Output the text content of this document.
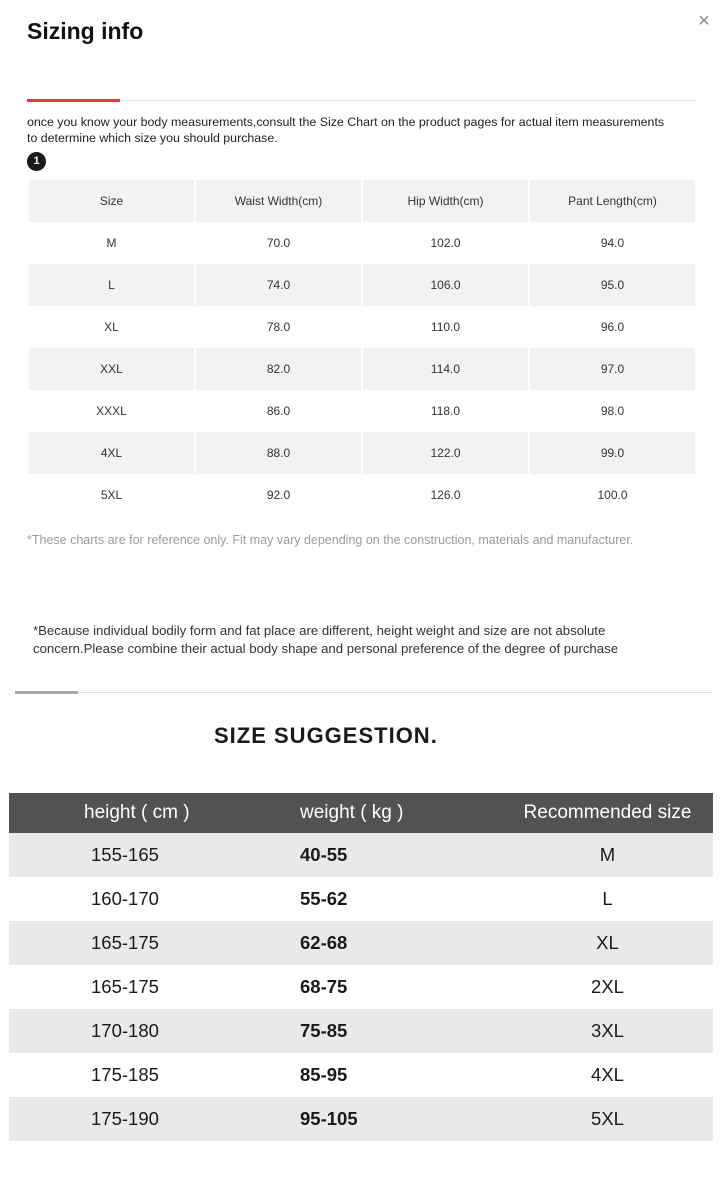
Sizing info	×
once you know your body measurements,consult the Size Chart on the product pages for actual item measurements to determine which size you should purchase.
1
Size	Waist Width(cm)	Hip Width(cm)	Pant Length(cm)
M	70.0	102.0	94.0
L	74.0	106.0	95.0
XL	78.0	110.0	96.0
XXL	82.0	114.0	97.0
XXXL	86.0	118.0	98.0
4XL	88.0	122.0	99.0
5XL	92.0	126.0	100.0
*These charts are for reference only. Fit may vary depending on the construction, materials and manufacturer.
*Because individual bodily form and fat place are different, height weight and size are not absolute concern.Please combine their actual body shape and personal preference of the degree of purchase
SIZE SUGGESTION.
height ( cm )	weight ( kg )	Recommended size
155-165	40-55	M
160-170	55-62	L
165-175	62-68	XL
165-175	68-75	2XL
170-180	75-85	3XL
175-185	85-95	4XL
175-190	95-105	5XL
